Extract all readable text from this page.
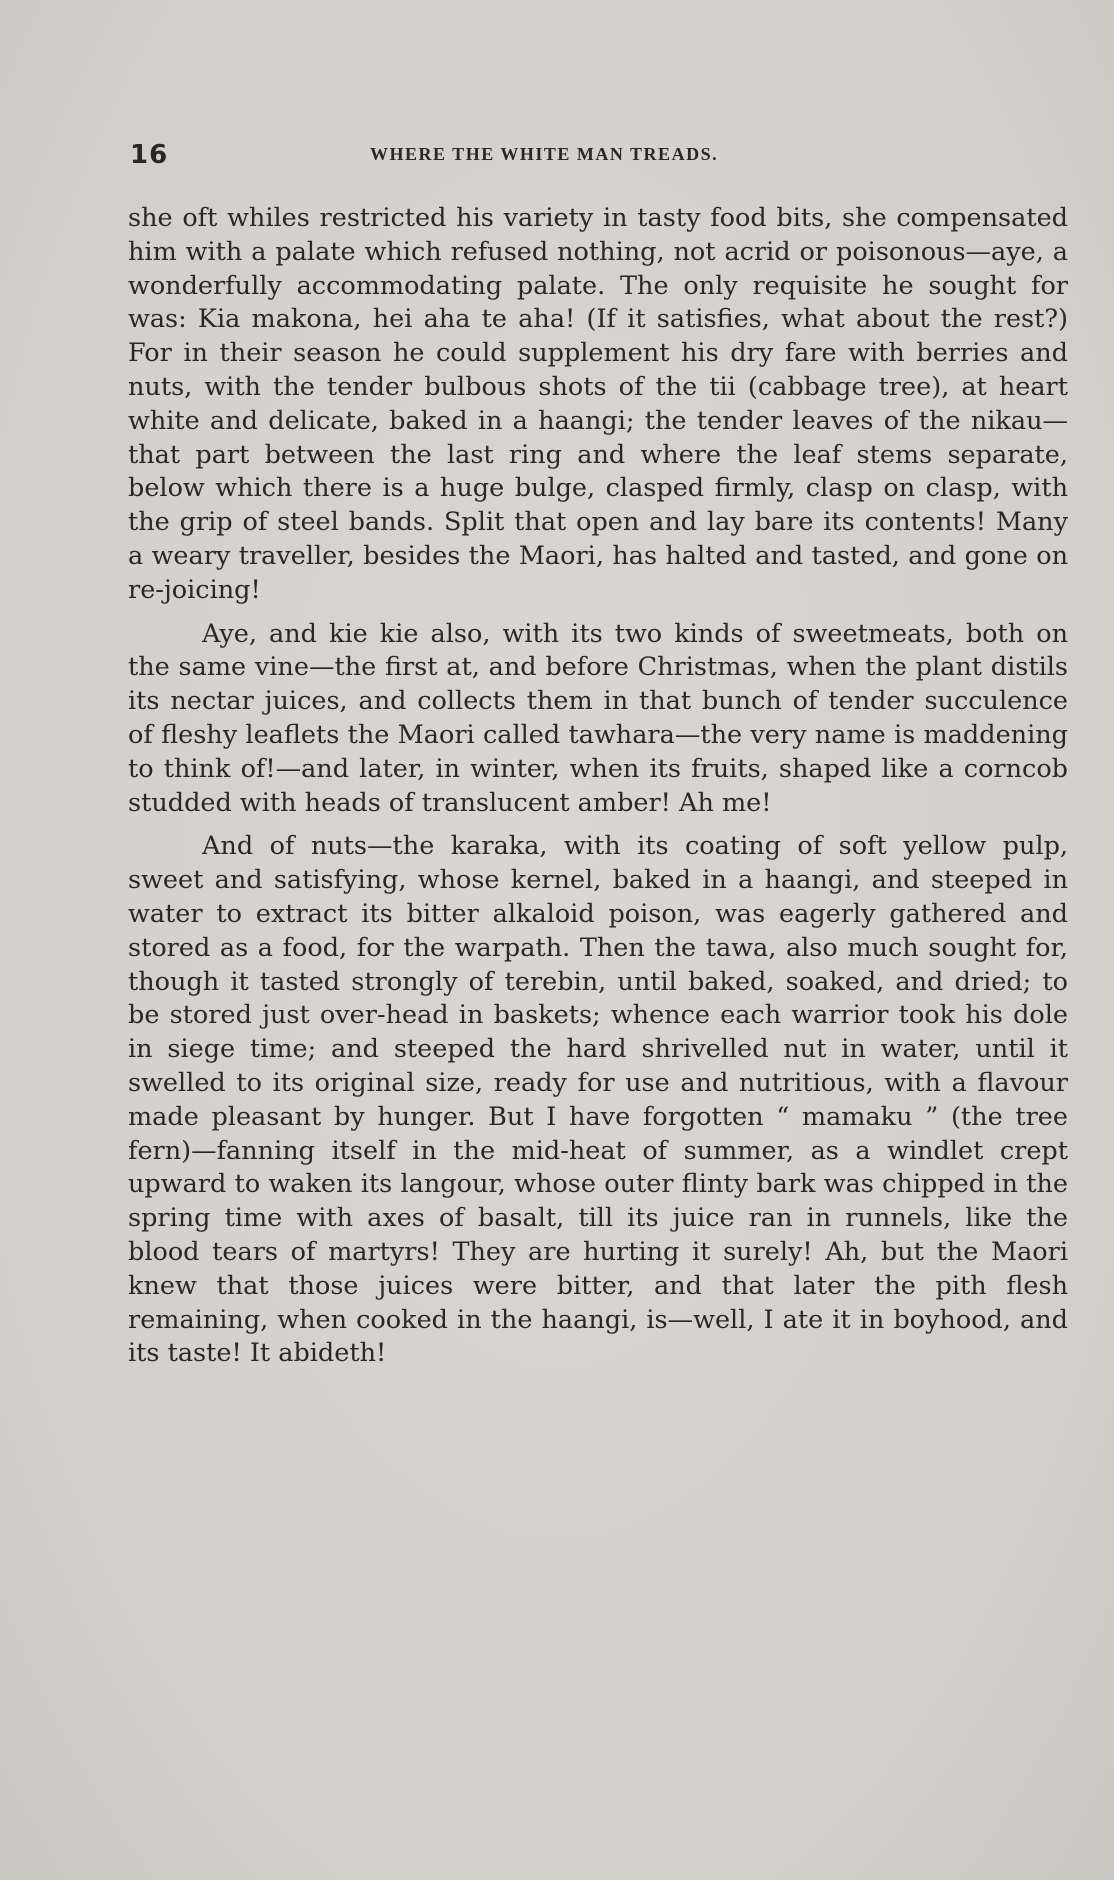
16	WHERE THE WHITE MAN TREADS.

she oft whiles restricted his variety in tasty food bits, she compensated him with a palate which refused nothing, not acrid or poisonous—aye, a wonderfully accommodating palate. The only requisite he sought for was: Kia makona, hei aha te aha! (If it satisfies, what about the rest?) For in their season he could supplement his dry fare with berries and nuts, with the tender bulbous shots of the tii (cabbage tree), at heart white and delicate, baked in a haangi; the tender leaves of the nikau—that part between the last ring and where the leaf stems separate, below which there is a huge bulge, clasped firmly, clasp on clasp, with the grip of steel bands. Split that open and lay bare its contents! Many a weary traveller, besides the Maori, has halted and tasted, and gone on re-joicing!

Aye, and kie kie also, with its two kinds of sweetmeats, both on the same vine—the first at, and before Christmas, when the plant distils its nectar juices, and collects them in that bunch of tender succulence of fleshy leaflets the Maori called tawhara—the very name is maddening to think of!—and later, in winter, when its fruits, shaped like a corncob studded with heads of translucent amber! Ah me!

And of nuts—the karaka, with its coating of soft yellow pulp, sweet and satisfying, whose kernel, baked in a haangi, and steeped in water to extract its bitter alkaloid poison, was eagerly gathered and stored as a food, for the warpath. Then the tawa, also much sought for, though it tasted strongly of terebin, until baked, soaked, and dried; to be stored just over-head in baskets; whence each warrior took his dole in siege time; and steeped the hard shrivelled nut in water, until it swelled to its original size, ready for use and nutritious, with a flavour made pleasant by hunger. But I have forgotten “ mamaku ” (the tree fern)—fanning itself in the mid-heat of summer, as a windlet crept upward to waken its langour, whose outer flinty bark was chipped in the spring time with axes of basalt, till its juice ran in runnels, like the blood tears of martyrs! They are hurting it surely! Ah, but the Maori knew that those juices were bitter, and that later the pith flesh remaining, when cooked in the haangi, is—well, I ate it in boyhood, and its taste! It abideth!
